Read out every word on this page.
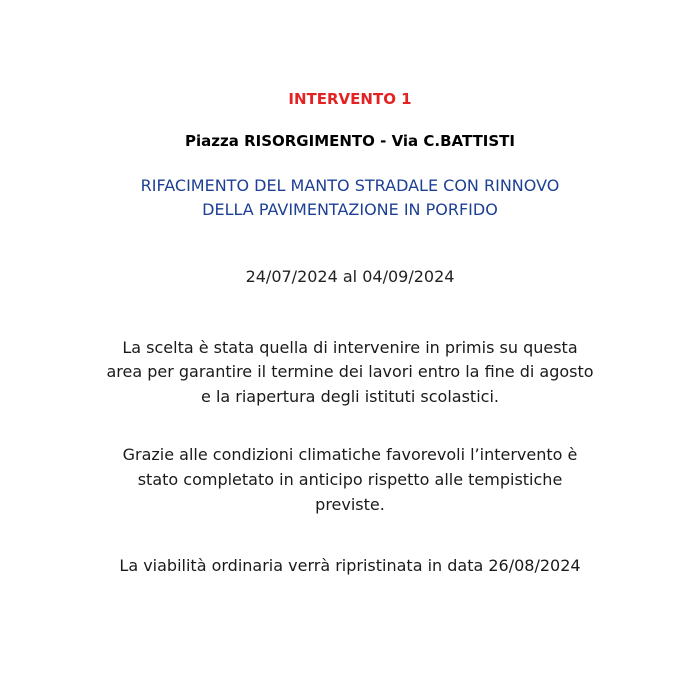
INTERVENTO 1
Piazza RISORGIMENTO - Via C.BATTISTI
RIFACIMENTO DEL MANTO STRADALE CON RINNOVO
DELLA PAVIMENTAZIONE IN PORFIDO
24/07/2024 al 04/09/2024
La scelta è stata quella di intervenire in primis su questa
area per garantire il termine dei lavori entro la fine di agosto
e la riapertura degli istituti scolastici.
Grazie alle condizioni climatiche favorevoli l’intervento è
stato completato in anticipo rispetto alle tempistiche
previste.
La viabilità ordinaria verrà ripristinata in data 26/08/2024
